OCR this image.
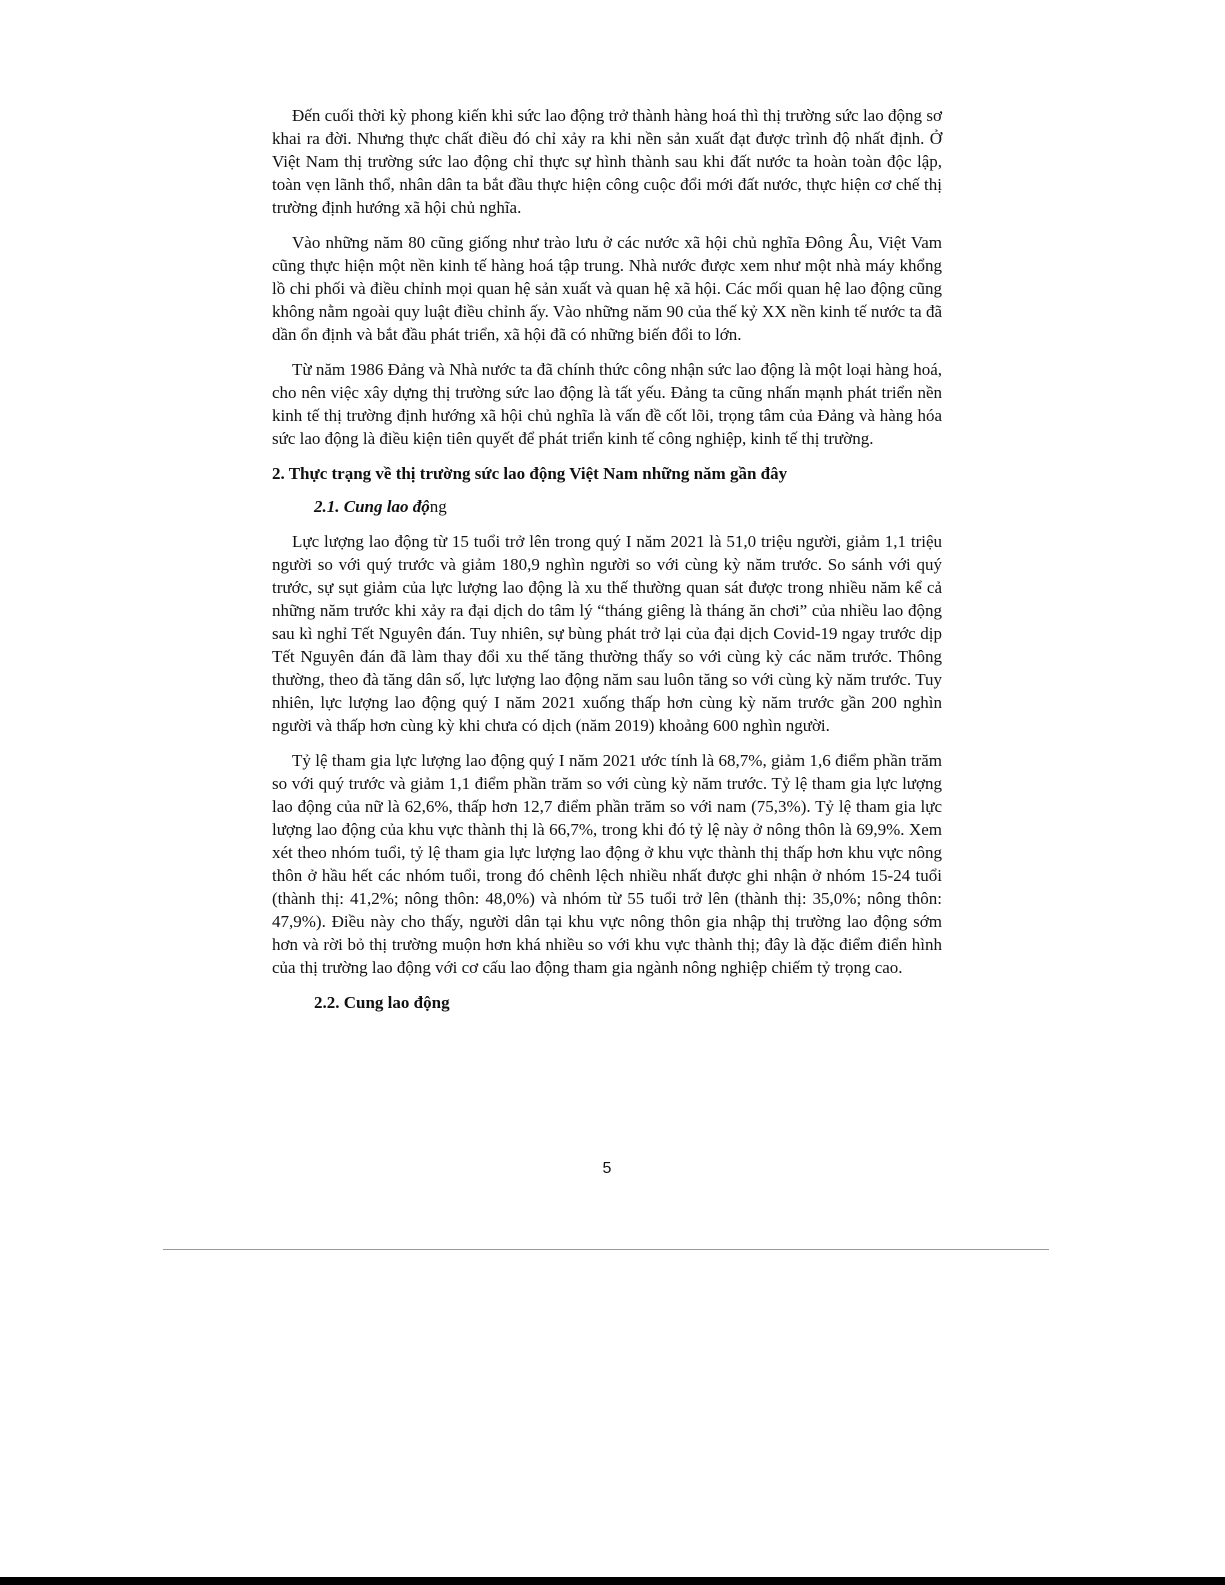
Đến cuối thời kỳ phong kiến khi sức lao động trở thành hàng hoá thì thị trường sức lao động sơ khai ra đời. Nhưng thực chất điều đó chỉ xảy ra khi nền sản xuất đạt được trình độ nhất định. Ở Việt Nam thị trường sức lao động chỉ thực sự hình thành sau khi đất nước ta hoàn toàn độc lập, toàn vẹn lãnh thổ, nhân dân ta bắt đầu thực hiện công cuộc đổi mới đất nước, thực hiện cơ chế thị trường định hướng xã hội chủ nghĩa.

Vào những năm 80 cũng giống như trào lưu ở các nước xã hội chủ nghĩa Đông Âu, Việt Vam cũng thực hiện một nền kinh tế hàng hoá tập trung. Nhà nước được xem như một nhà máy khổng lồ chi phối và điều chỉnh mọi quan hệ sản xuất và quan hệ xã hội. Các mối quan hệ lao động cũng không nằm ngoài quy luật điều chỉnh ấy. Vào những năm 90 của thế kỷ XX nền kinh tế nước ta đã dần ổn định và bắt đầu phát triển, xã hội đã có những biến đổi to lớn.

Từ năm 1986 Đảng và Nhà nước ta đã chính thức công nhận sức lao động là một loại hàng hoá, cho nên việc xây dựng thị trường sức lao động là tất yếu. Đảng ta cũng nhấn mạnh phát triển nền kinh tế thị trường định hướng xã hội chủ nghĩa là vấn đề cốt lõi, trọng tâm của Đảng và hàng hóa sức lao động là điều kiện tiên quyết để phát triển kinh tế công nghiệp, kinh tế thị trường.

2. Thực trạng về thị trường sức lao động Việt Nam những năm gần đây

2.1. Cung lao động

Lực lượng lao động từ 15 tuổi trở lên trong quý I năm 2021 là 51,0 triệu người, giảm 1,1 triệu người so với quý trước và giảm 180,9 nghìn người so với cùng kỳ năm trước. So sánh với quý trước, sự sụt giảm của lực lượng lao động là xu thế thường quan sát được trong nhiều năm kể cả những năm trước khi xảy ra đại dịch do tâm lý “tháng giêng là tháng ăn chơi” của nhiều lao động sau kì nghỉ Tết Nguyên đán. Tuy nhiên, sự bùng phát trở lại của đại dịch Covid-19 ngay trước dịp Tết Nguyên đán đã làm thay đổi xu thế tăng thường thấy so với cùng kỳ các năm trước. Thông thường, theo đà tăng dân số, lực lượng lao động năm sau luôn tăng so với cùng kỳ năm trước. Tuy nhiên, lực lượng lao động quý I năm 2021 xuống thấp hơn cùng kỳ năm trước gần 200 nghìn người và thấp hơn cùng kỳ khi chưa có dịch (năm 2019) khoảng 600 nghìn người.

Tỷ lệ tham gia lực lượng lao động quý I năm 2021 ước tính là 68,7%, giảm 1,6 điểm phần trăm so với quý trước và giảm 1,1 điểm phần trăm so với cùng kỳ năm trước. Tỷ lệ tham gia lực lượng lao động của nữ là 62,6%, thấp hơn 12,7 điểm phần trăm so với nam (75,3%). Tỷ lệ tham gia lực lượng lao động của khu vực thành thị là 66,7%, trong khi đó tỷ lệ này ở nông thôn là 69,9%. Xem xét theo nhóm tuổi, tỷ lệ tham gia lực lượng lao động ở khu vực thành thị thấp hơn khu vực nông thôn ở hầu hết các nhóm tuổi, trong đó chênh lệch nhiều nhất được ghi nhận ở nhóm 15-24 tuổi (thành thị: 41,2%; nông thôn: 48,0%) và nhóm từ 55 tuổi trở lên (thành thị: 35,0%; nông thôn: 47,9%). Điều này cho thấy, người dân tại khu vực nông thôn gia nhập thị trường lao động sớm hơn và rời bỏ thị trường muộn hơn khá nhiều so với khu vực thành thị; đây là đặc điểm điển hình của thị trường lao động với cơ cấu lao động tham gia ngành nông nghiệp chiếm tỷ trọng cao.

2.2. Cung lao động

5
